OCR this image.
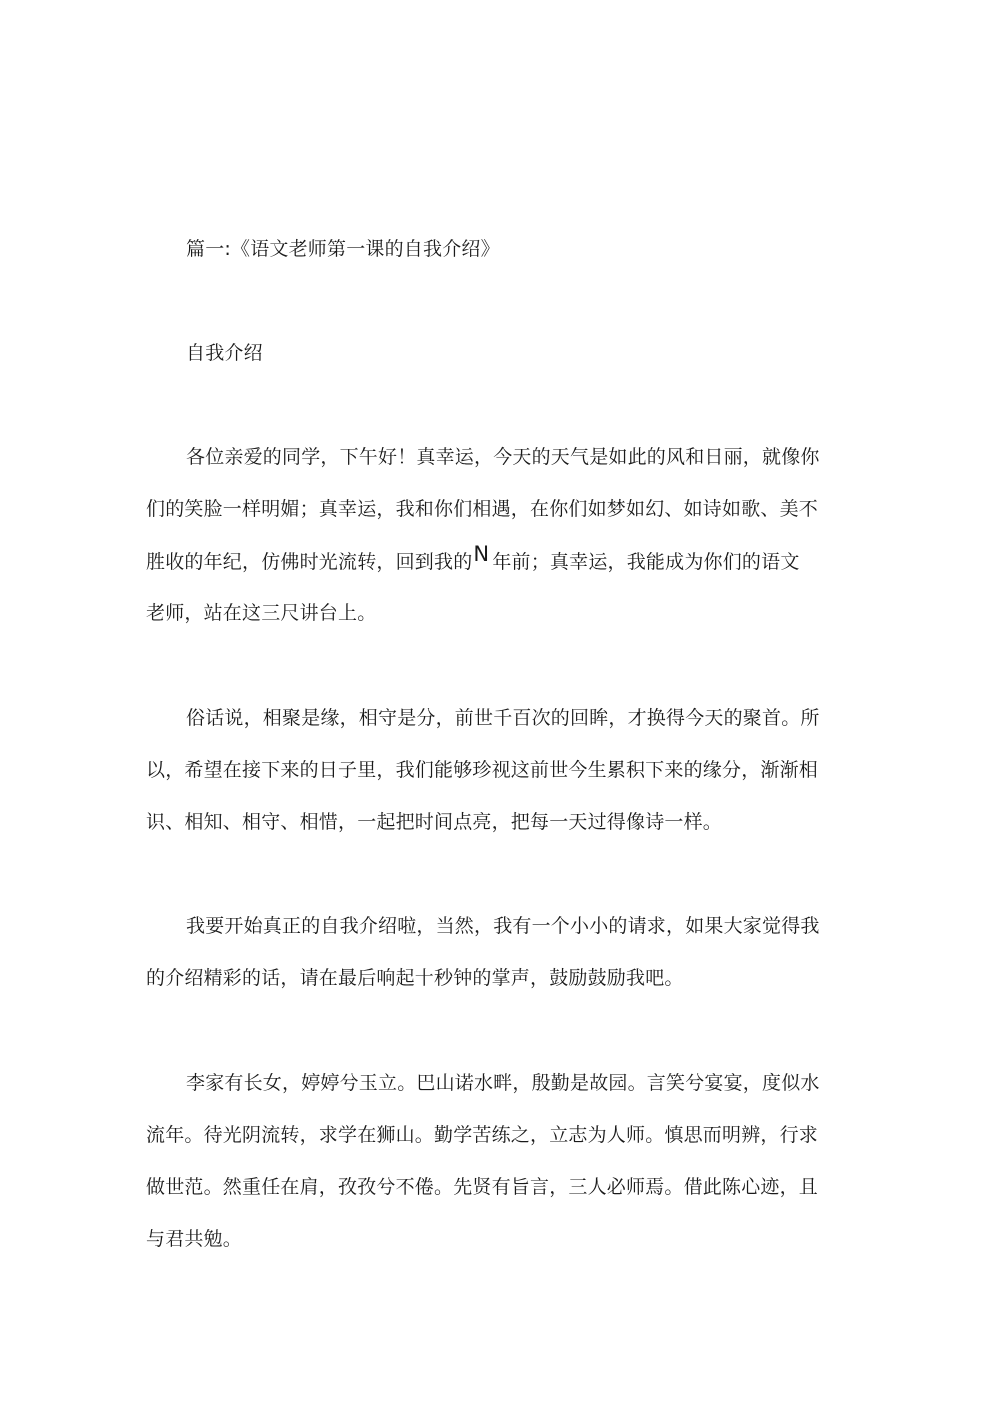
篇一:《语文老师第一课的自我介绍》
自我介绍
各位亲爱的同学，下午好！真幸运，今天的天气是如此的风和日丽，就像你
们的笑脸一样明媚；真幸运，我和你们相遇，在你们如梦如幻、如诗如歌、美不
胜收的年纪，仿佛时光流转，回到我的N 年前；真幸运，我能成为你们的语文
老师，站在这三尺讲台上。
俗话说，相聚是缘，相守是分，前世千百次的回眸，才换得今天的聚首。所
以，希望在接下来的日子里，我们能够珍视这前世今生累积下来的缘分，渐渐相
识、相知、相守、相惜，一起把时间点亮，把每一天过得像诗一样。
我要开始真正的自我介绍啦，当然，我有一个小小的请求，如果大家觉得我
的介绍精彩的话，请在最后响起十秒钟的掌声，鼓励鼓励我吧。
李家有长女，婷婷兮玉立。巴山诺水畔，殷勤是故园。言笑兮宴宴，度似水
流年。待光阴流转，求学在狮山。勤学苦练之，立志为人师。慎思而明辨，行求
做世范。然重任在肩，孜孜兮不倦。先贤有旨言，三人必师焉。借此陈心迹，且
与君共勉。
